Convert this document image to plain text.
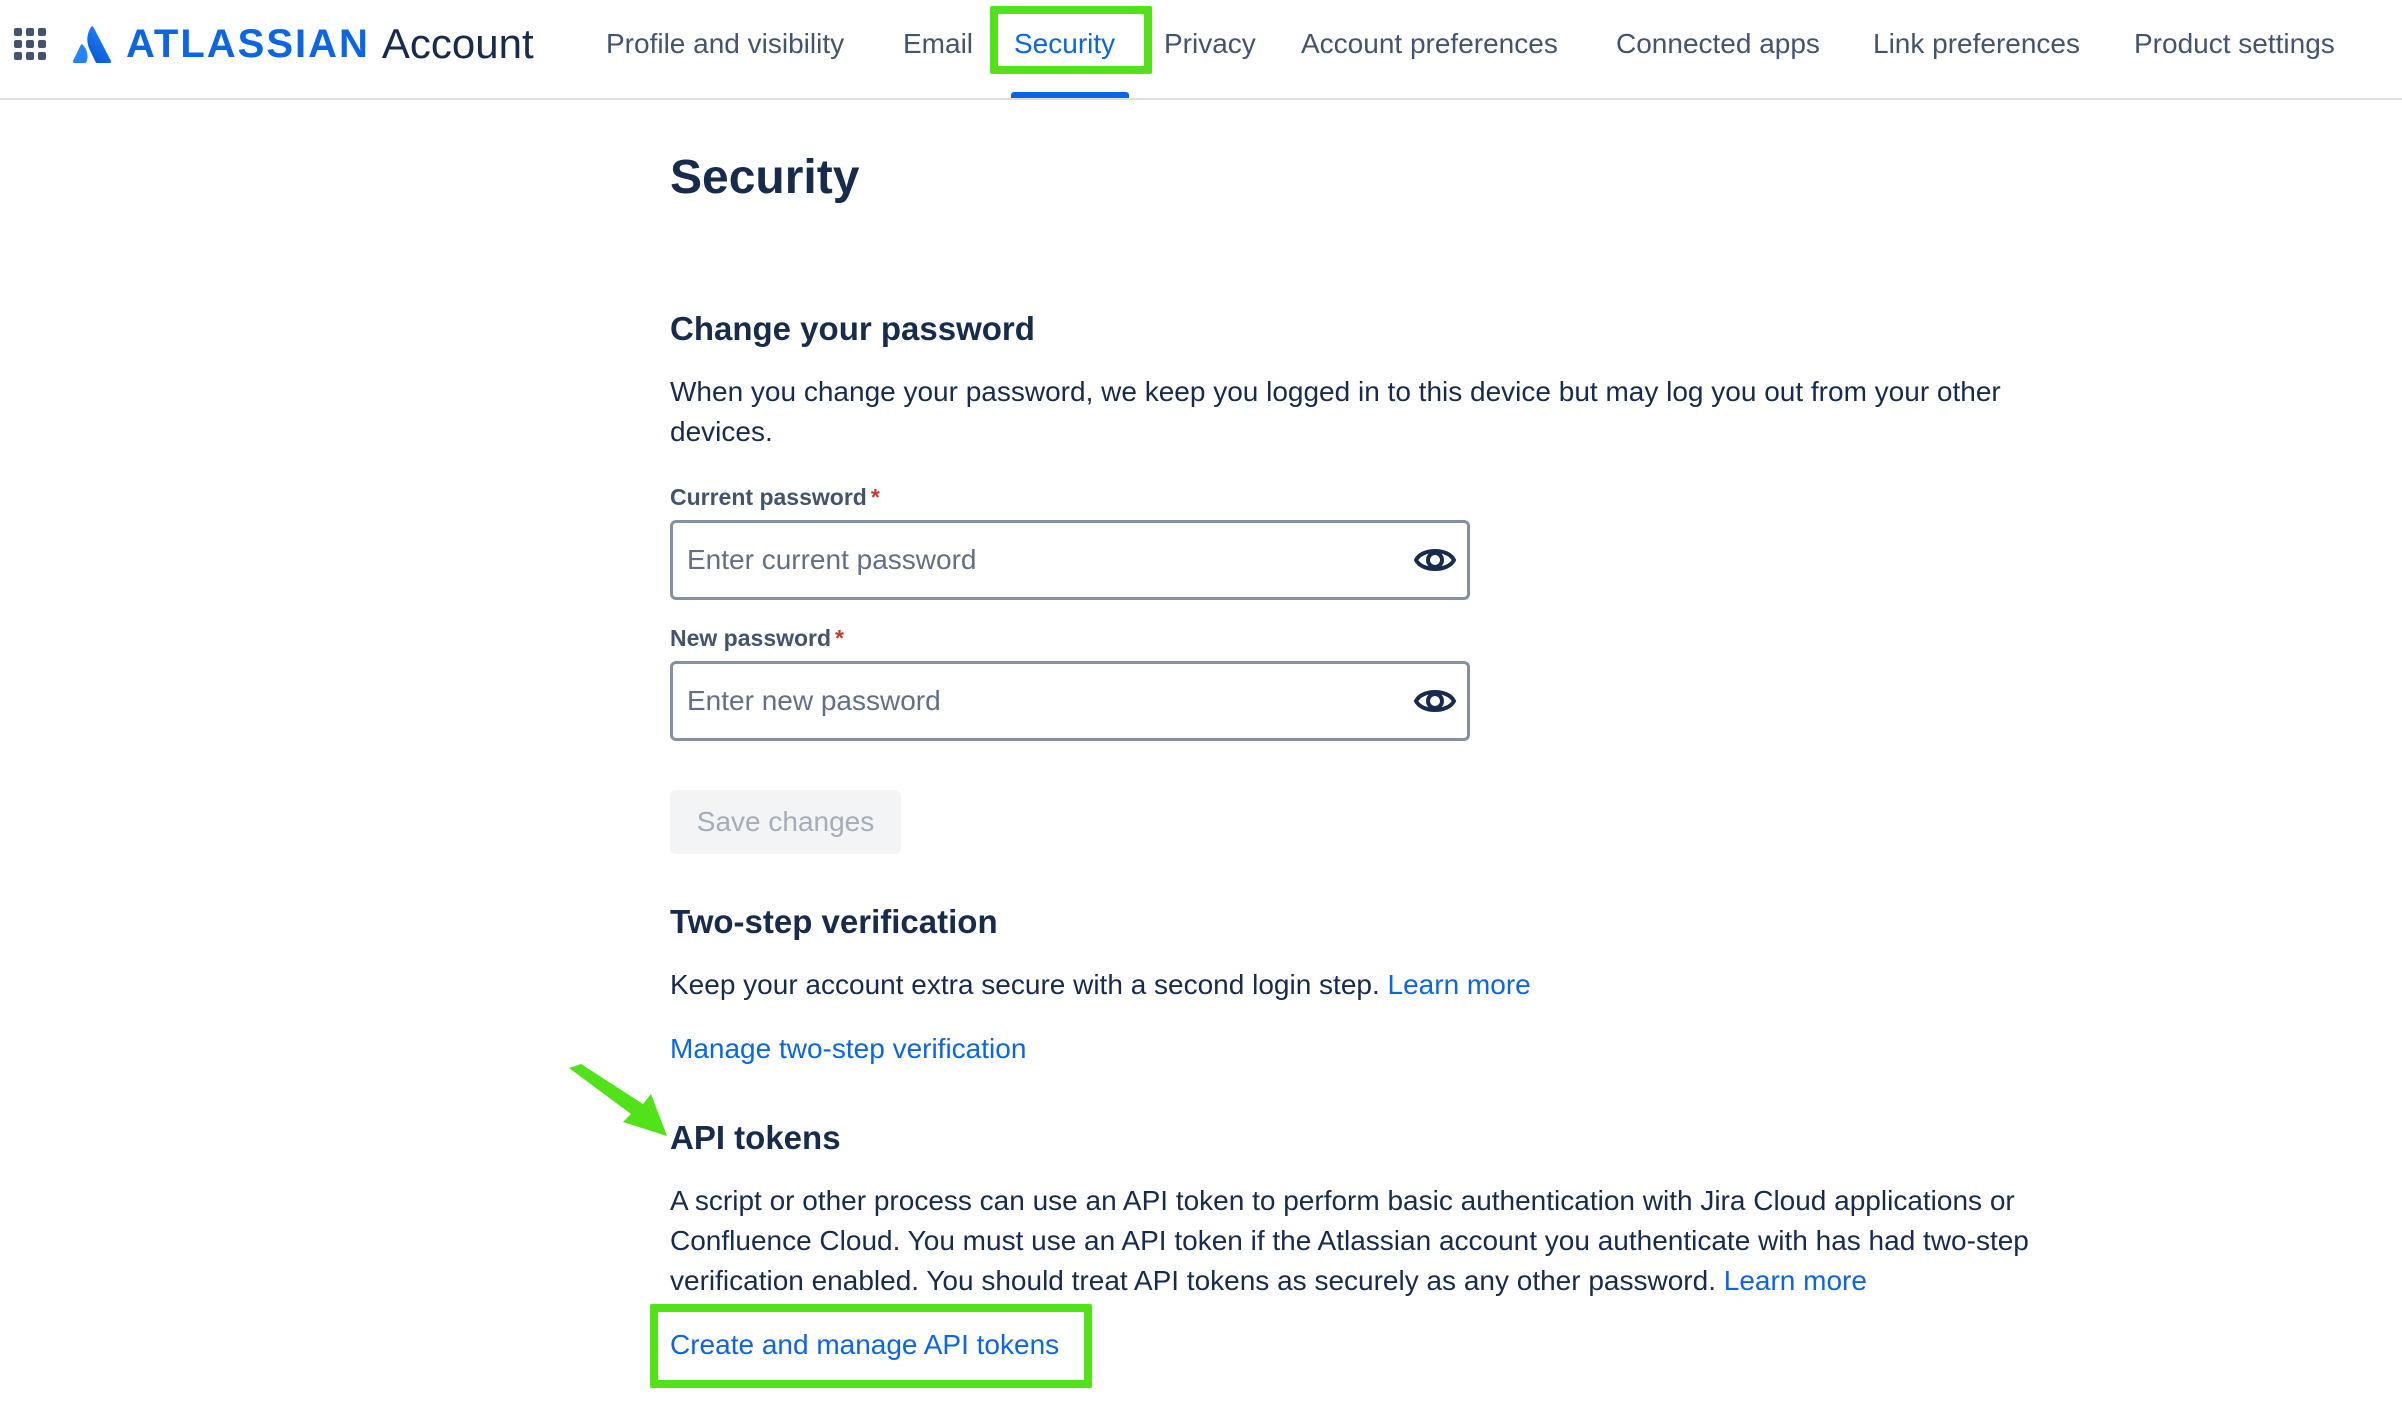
ATLASSIAN Account	Profile and visibility Email Security Privacy Account preferences Connected apps Link preferences Product settings
Security
Change your password
When you change your password, we keep you logged in to this device but may log you out from your other devices.
Current password *
New password *
Save changes
Two-step verification
Keep your account extra secure with a second login step. Learn more
Manage two-step verification
API tokens
A script or other process can use an API token to perform basic authentication with Jira Cloud applications or Confluence Cloud. You must use an API token if the Atlassian account you authenticate with has had two-step verification enabled. You should treat API tokens as securely as any other password. Learn more
Create and manage API tokens
